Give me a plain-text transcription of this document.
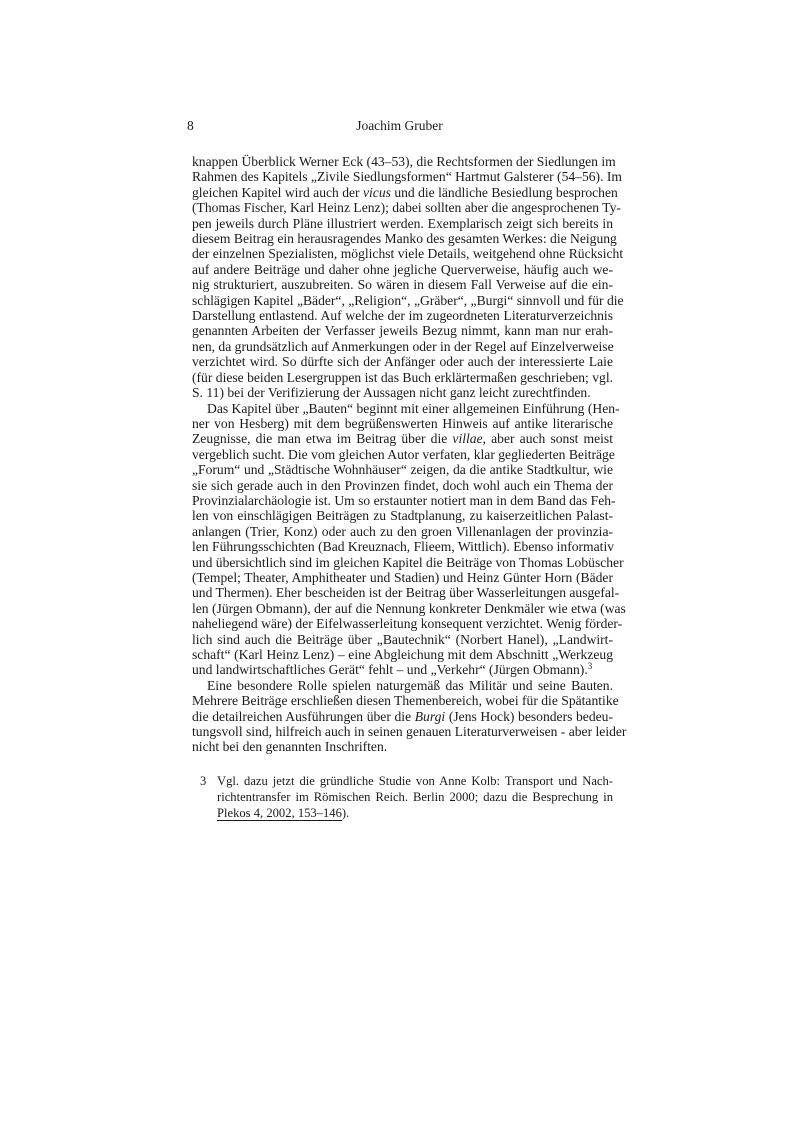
8	Joachim Gruber
knappen Überblick Werner Eck (43–53), die Rechtsformen der Siedlungen im
Rahmen des Kapitels „Zivile Siedlungsformen“ Hartmut Galsterer (54–56). Im
gleichen Kapitel wird auch der vicus und die ländliche Besiedlung besprochen
(Thomas Fischer, Karl Heinz Lenz); dabei sollten aber die angesprochenen Ty-
pen jeweils durch Pläne illustriert werden. Exemplarisch zeigt sich bereits in
diesem Beitrag ein herausragendes Manko des gesamten Werkes: die Neigung
der einzelnen Spezialisten, möglichst viele Details, weitgehend ohne Rücksicht
auf andere Beiträge und daher ohne jegliche Querverweise, häufig auch we-
nig strukturiert, auszubreiten. So wären in diesem Fall Verweise auf die ein-
schlägigen Kapitel „Bäder“, „Religion“, „Gräber“, „Burgi“ sinnvoll und für die
Darstellung entlastend. Auf welche der im zugeordneten Literaturverzeichnis
genannten Arbeiten der Verfasser jeweils Bezug nimmt, kann man nur erah-
nen, da grundsätzlich auf Anmerkungen oder in der Regel auf Einzelverweise
verzichtet wird. So dürfte sich der Anfänger oder auch der interessierte Laie
(für diese beiden Lesergruppen ist das Buch erklärtermaßen geschrieben; vgl.
S. 11) bei der Verifizierung der Aussagen nicht ganz leicht zurechtfinden.
Das Kapitel über „Bauten“ beginnt mit einer allgemeinen Einführung (Hen-
ner von Hesberg) mit dem begrüßenswerten Hinweis auf antike literarische
Zeugnisse, die man etwa im Beitrag über die villae, aber auch sonst meist
vergeblich sucht. Die vom gleichen Autor verfaten, klar gegliederten Beiträge
„Forum“ und „Städtische Wohnhäuser“ zeigen, da die antike Stadtkultur, wie
sie sich gerade auch in den Provinzen findet, doch wohl auch ein Thema der
Provinzialarchäologie ist. Um so erstaunter notiert man in dem Band das Feh-
len von einschlägigen Beiträgen zu Stadtplanung, zu kaiserzeitlichen Palast-
anlangen (Trier, Konz) oder auch zu den groen Villenanlagen der provinzia-
len Führungsschichten (Bad Kreuznach, Flieem, Wittlich). Ebenso informativ
und übersichtlich sind im gleichen Kapitel die Beiträge von Thomas Lobüscher
(Tempel; Theater, Amphitheater und Stadien) und Heinz Günter Horn (Bäder
und Thermen). Eher bescheiden ist der Beitrag über Wasserleitungen ausgefal-
len (Jürgen Obmann), der auf die Nennung konkreter Denkmäler wie etwa (was
naheliegend wäre) der Eifelwasserleitung konsequent verzichtet. Wenig förder-
lich sind auch die Beiträge über „Bautechnik“ (Norbert Hanel), „Landwirt-
schaft“ (Karl Heinz Lenz) – eine Abgleichung mit dem Abschnitt „Werkzeug
und landwirtschaftliches Gerät“ fehlt – und „Verkehr“ (Jürgen Obmann).$^3$
Eine besondere Rolle spielen naturgemäß das Militär und seine Bauten.
Mehrere Beiträge erschließen diesen Themenbereich, wobei für die Spätantike
die detailreichen Ausführungen über die Burgi (Jens Hock) besonders bedeu-
tungsvoll sind, hilfreich auch in seinen genauen Literaturverweisen - aber leider
nicht bei den genannten Inschriften.
3 Vgl. dazu jetzt die gründliche Studie von Anne Kolb: Transport und Nach-
richtentransfer im Römischen Reich. Berlin 2000; dazu die Besprechung in
Plekos 4, 2002, 153–146).
